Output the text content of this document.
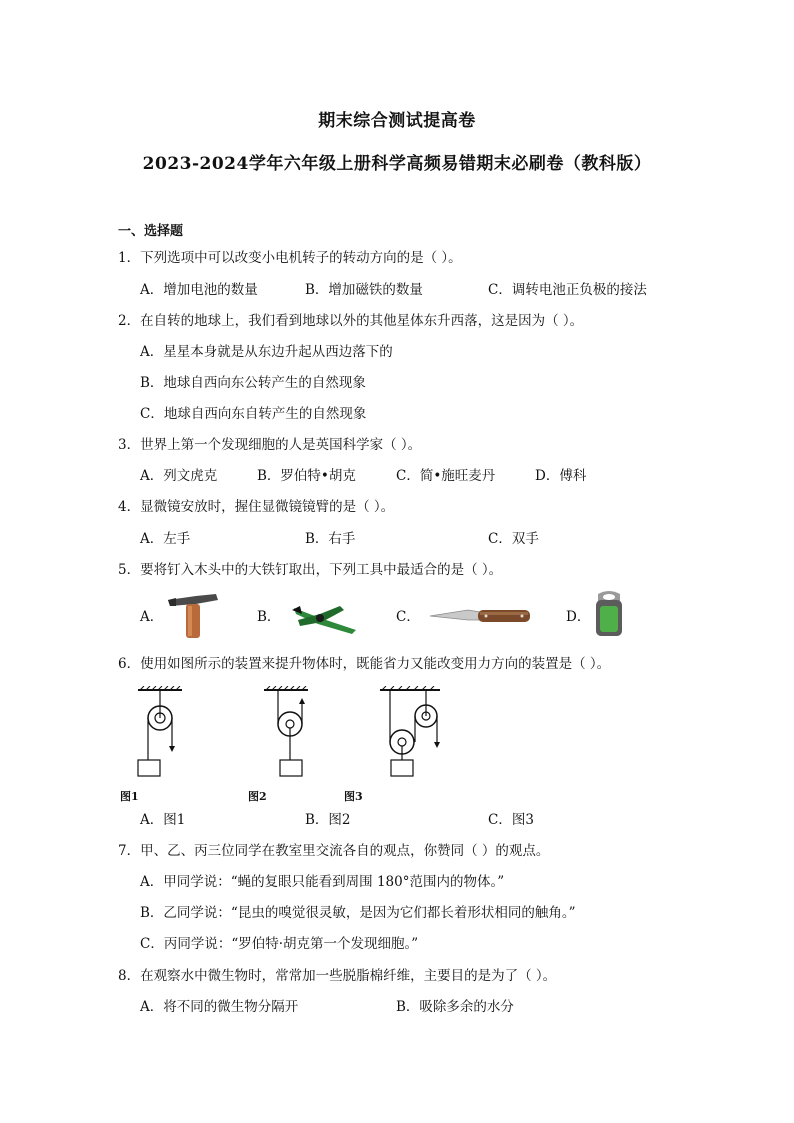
期末综合测试提高卷
2023-2024学年六年级上册科学高频易错期末必刷卷（教科版）
一、选择题
1．下列选项中可以改变小电机转子的转动方向的是（ ）。
A．增加电池的数量	B．增加磁铁的数量	C．调转电池正负极的接法
2．在自转的地球上，我们看到地球以外的其他星体东升西落，这是因为（ ）。
A．星星本身就是从东边升起从西边落下的
B．地球自西向东公转产生的自然现象
C．地球自西向东自转产生的自然现象
3．世界上第一个发现细胞的人是英国科学家（ ）。
A．列文虎克	B．罗伯特•胡克	C．简•施旺麦丹	D．傅科
4．显微镜安放时，握住显微镜镜臂的是（ ）。
A．左手	B．右手	C．双手
5．要将钉入木头中的大铁钉取出，下列工具中最适合的是（ ）。
A．	B．	C．	D．
6．使用如图所示的装置来提升物体时，既能省力又能改变用力方向的装置是（ ）。
图1	图2	图3
A．图1	B．图2	C．图3
7．甲、乙、丙三位同学在教室里交流各自的观点，你赞同（ ）的观点。
A．甲同学说：“蝇的复眼只能看到周围 180°范围内的物体。”
B．乙同学说：“昆虫的嗅觉很灵敏，是因为它们都长着形状相同的触角。”
C．丙同学说：“罗伯特·胡克第一个发现细胞。”
8．在观察水中微生物时，常常加一些脱脂棉纤维，主要目的是为了（ ）。
A．将不同的微生物分隔开	B．吸除多余的水分
